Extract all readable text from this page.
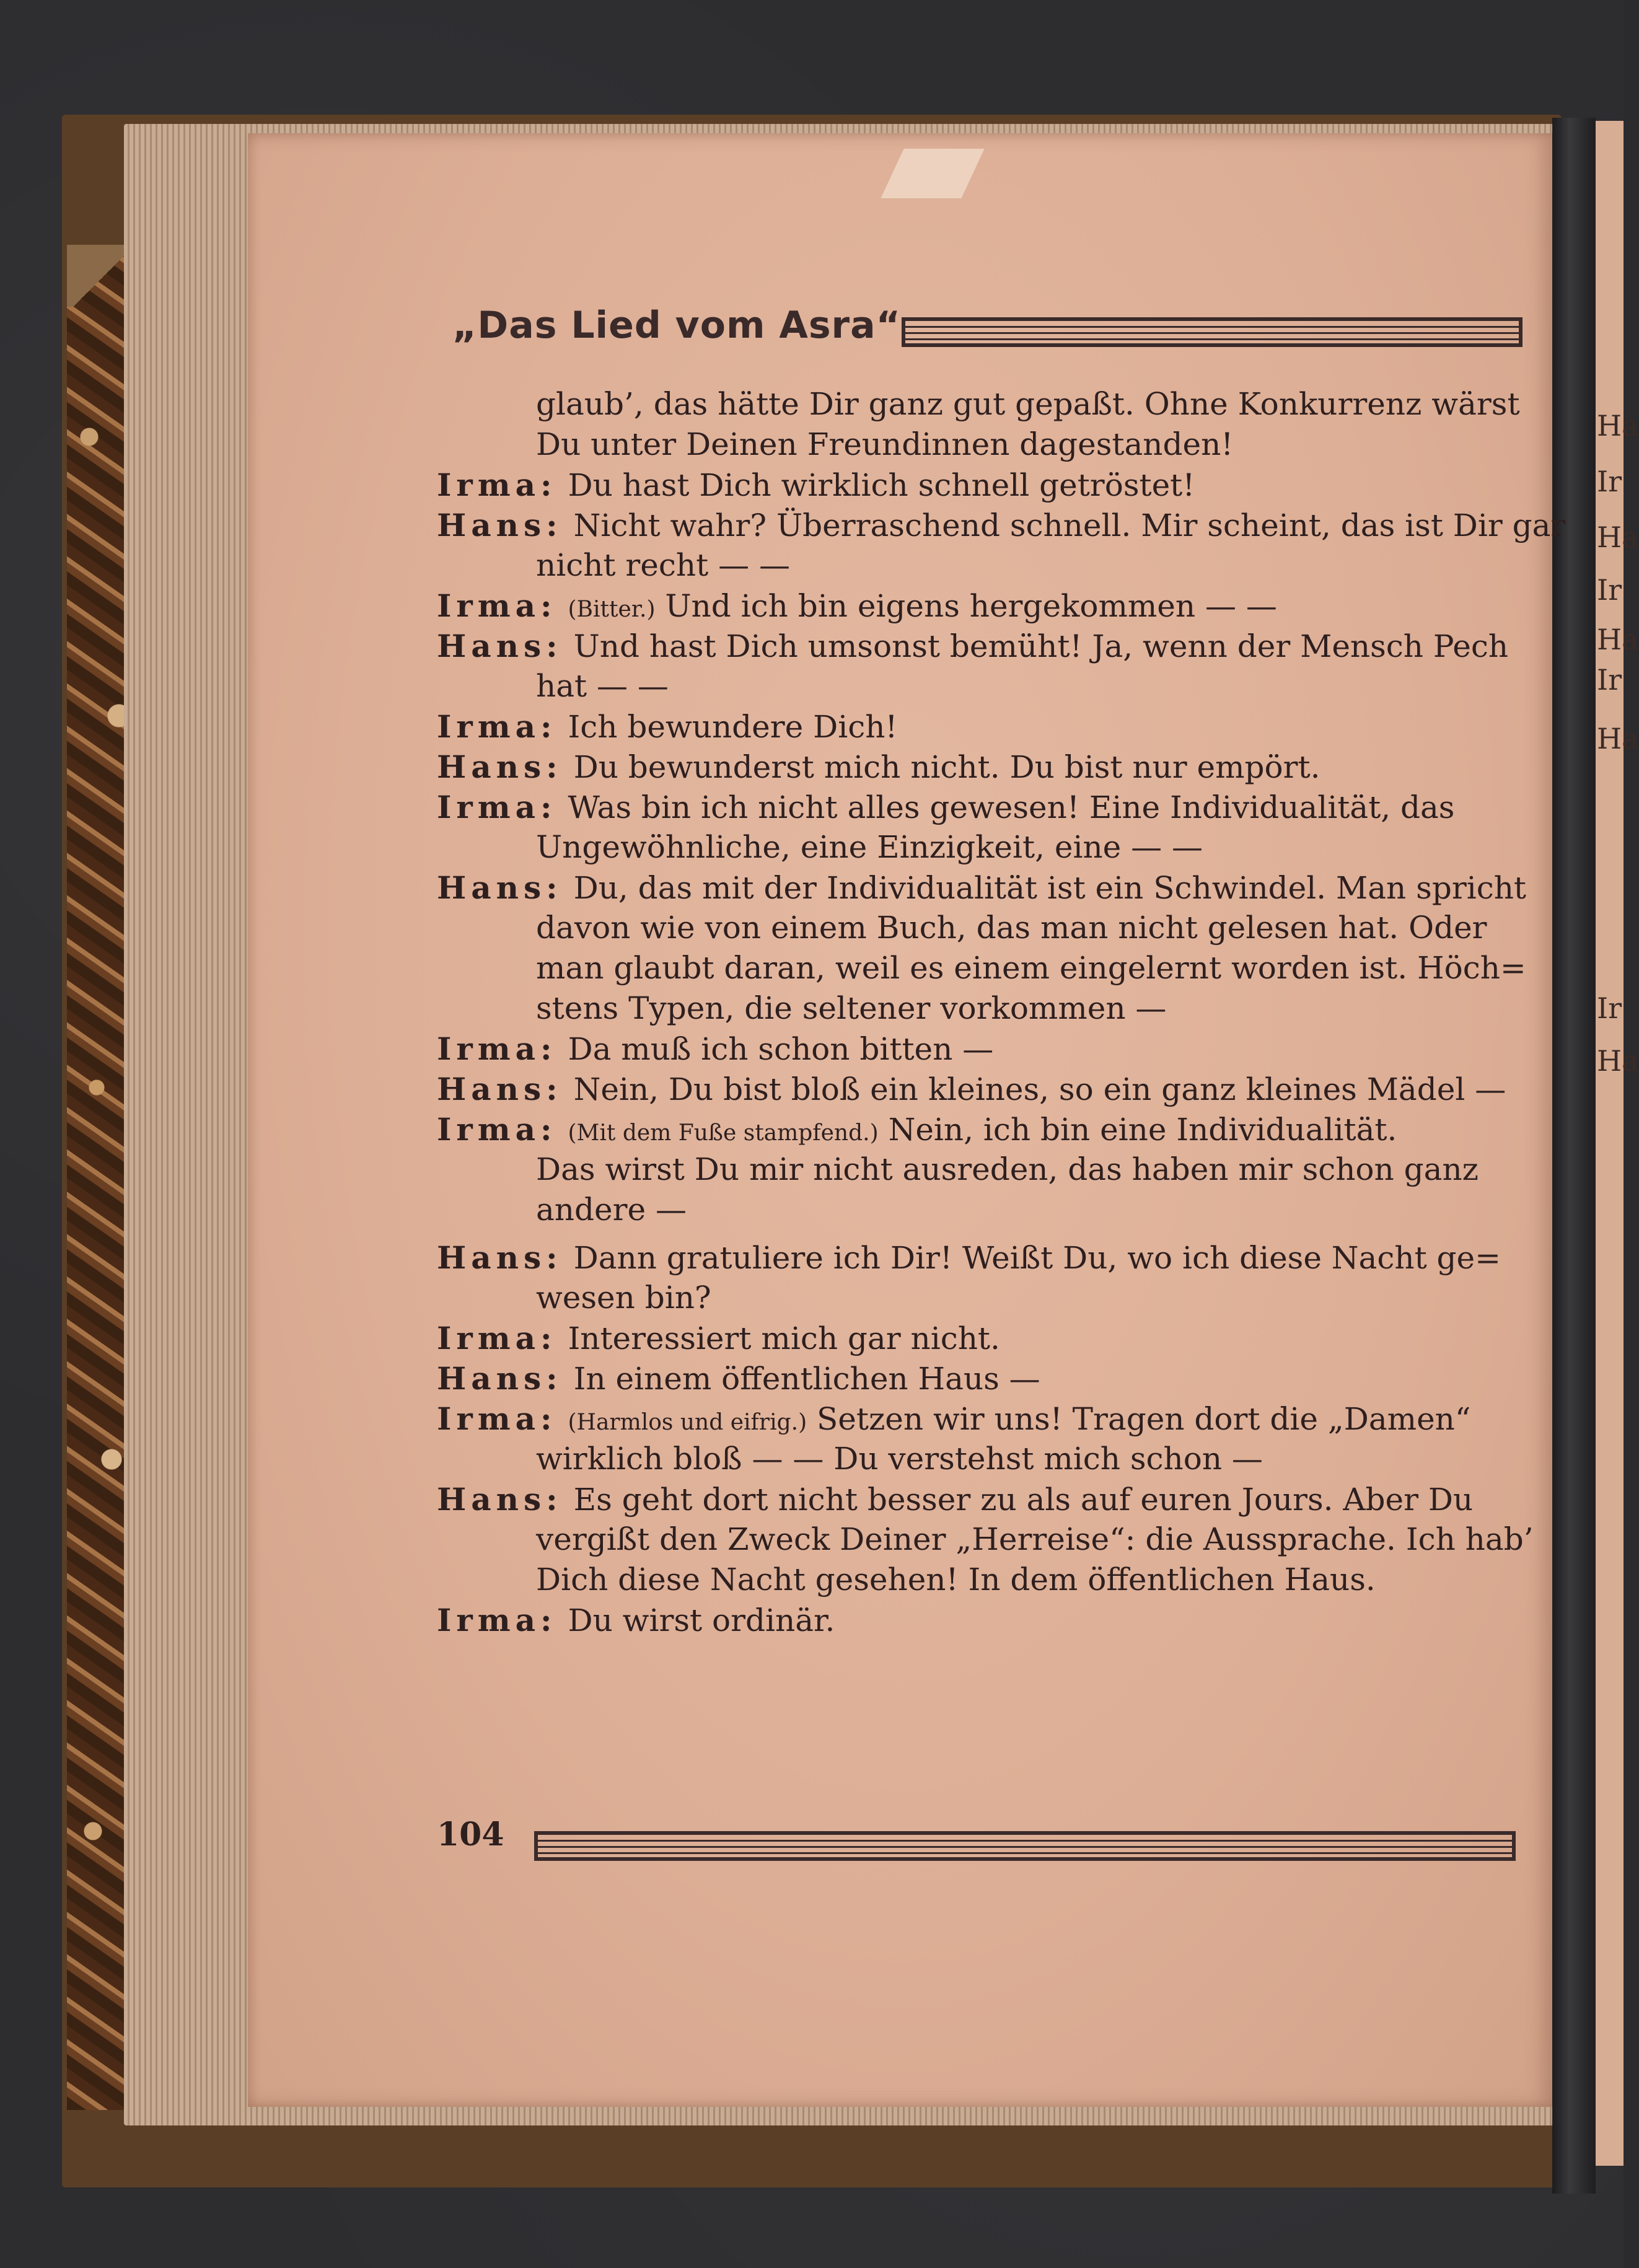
Ha
Ir
Ha
Ir
Ha
Ir
Ha
Ir
Ha
„Das Lied vom Asra“
glaub’, das hätte Dir ganz gut gepaßt. Ohne Konkurrenz wärst
Du unter Deinen Freundinnen dagestanden!
Irma: Du hast Dich wirklich schnell getröstet!
Hans: Nicht wahr? Überraschend schnell. Mir scheint, das ist Dir gar
nicht recht — —
Irma: (Bitter.) Und ich bin eigens hergekommen — —
Hans: Und hast Dich umsonst bemüht! Ja, wenn der Mensch Pech
hat — —
Irma: Ich bewundere Dich!
Hans: Du bewunderst mich nicht. Du bist nur empört.
Irma: Was bin ich nicht alles gewesen! Eine Individualität, das
Ungewöhnliche, eine Einzigkeit, eine — —
Hans: Du, das mit der Individualität ist ein Schwindel. Man spricht
davon wie von einem Buch, das man nicht gelesen hat. Oder
man glaubt daran, weil es einem eingelernt worden ist. Höch=
stens Typen, die seltener vorkommen —
Irma: Da muß ich schon bitten —
Hans: Nein, Du bist bloß ein kleines, so ein ganz kleines Mädel —
Irma: (Mit dem Fuße stampfend.) Nein, ich bin eine Individualität.
Das wirst Du mir nicht ausreden, das haben mir schon ganz
andere —
Hans: Dann gratuliere ich Dir! Weißt Du, wo ich diese Nacht ge=
wesen bin?
Irma: Interessiert mich gar nicht.
Hans: In einem öffentlichen Haus —
Irma: (Harmlos und eifrig.) Setzen wir uns! Tragen dort die „Damen“
wirklich bloß — — Du verstehst mich schon —
Hans: Es geht dort nicht besser zu als auf euren Jours. Aber Du
vergißt den Zweck Deiner „Herreise“: die Aussprache. Ich hab’
Dich diese Nacht gesehen! In dem öffentlichen Haus.
Irma: Du wirst ordinär.
104
